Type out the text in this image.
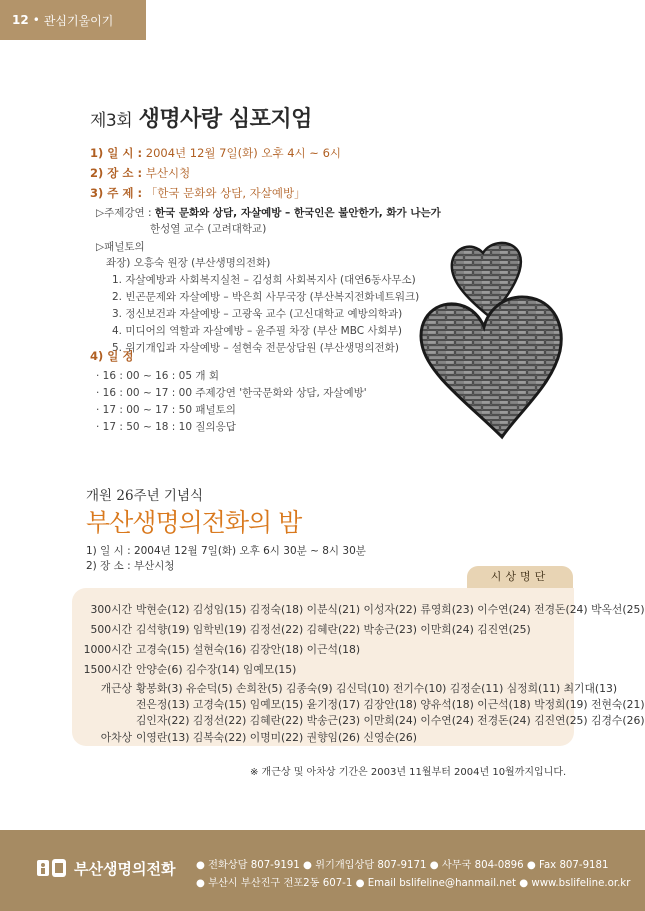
12 • 관심기울이기
제3회 생명사랑 심포지엄
1) 일 시 : 2004년 12월 7일(화) 오후 4시 ~ 6시
2) 장 소 : 부산시청
3) 주 제 : 「한국 문화와 상담, 자살예방」
▷주제강연 : 한국 문화와 상담, 자살예방 – 한국인은 불안한가, 화가 나는가
한성열 교수 (고려대학교)
▷패널토의
좌장) 오흥숙 원장 (부산생명의전화)
1. 자살예방과 사회복지실천 – 김성희 사회복지사 (대연6동사무소)
2. 빈곤문제와 자살예방 – 박은희 사무국장 (부산복지전화네트워크)
3. 정신보건과 자살예방 – 고광욱 교수 (고신대학교 예방의학과)
4. 미디어의 역할과 자살예방 – 윤주필 차장 (부산 MBC 사회부)
5. 위기개입과 자살예방 – 설현숙 전문상담원 (부산생명의전화)
4) 일 정
· 16 : 00 ~ 16 : 05 개 회
· 16 : 00 ~ 17 : 00 주제강연 '한국문화와 상담, 자살예방'
· 17 : 00 ~ 17 : 50 패널토의
· 17 : 50 ~ 18 : 10 질의응답
개원 26주년 기념식
부산생명의전화의 밤
1) 일 시 : 2004년 12월 7일(화) 오후 6시 30분 ~ 8시 30분
2) 장 소 : 부산시청
시상명단
300시간 박현순(12) 김성임(15) 김정숙(18) 이분식(21) 이성자(22) 류영희(23) 이수연(24) 전경돈(24) 박옥선(25)
500시간 김석향(19) 임학빈(19) 김정선(22) 김혜란(22) 박송근(23) 이만희(24) 김진연(25)
1000시간 고경숙(15) 설현숙(16) 김장안(18) 이근석(18)
1500시간 안양순(6) 김수장(14) 임예모(15)
개근상 황봉화(3) 유순덕(5) 손희찬(5) 김종숙(9) 김신덕(10) 전기수(10) 김정순(11) 심정희(11) 최기대(13)
전은정(13) 고경숙(15) 임예모(15) 윤기정(17) 김장안(18) 양유석(18) 이근석(18) 박정희(19) 전현숙(21)
김인자(22) 김정선(22) 김혜란(22) 박송근(23) 이만희(24) 이수연(24) 전경돈(24) 김진연(25) 김경수(26)
아차상 이영란(13) 김복숙(22) 이명미(22) 권향임(26) 신영순(26)
※ 개근상 및 아차상 기간은 2003년 11월부터 2004년 10월까지입니다.
부산생명의전화 ● 전화상담 807-9191 ● 위기개입상담 807-9171 ● 사무국 804-0896 ● Fax 807-9181
● 부산시 부산진구 전포2동 607-1 ● Email bslifeline@hanmail.net ● www.bslifeline.or.kr
